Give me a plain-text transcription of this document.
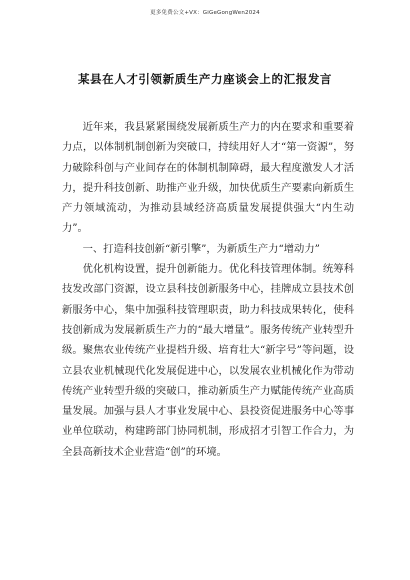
更多免费公文+VX：GiGeGongWen2024
某县在人才引领新质生产力座谈会上的汇报发言

近年来，我县紧紧围绕发展新质生产力的内在要求和重要着力点，以体制机制创新为突破口，持续用好人才“第一资源”，努力破除科创与产业间存在的体制机制障碍，最大程度激发人才活力，提升科技创新、助推产业升级，加快优质生产要素向新质生产力领域流动，为推动县域经济高质量发展提供强大“内生动力”。

一、打造科技创新“新引擎”，为新质生产力“增动力”

优化机构设置，提升创新能力。优化科技管理体制。统筹科技发改部门资源，设立县科技创新服务中心，挂牌成立县技术创新服务中心，集中加强科技管理职责，助力科技成果转化，使科技创新成为发展新质生产力的“最大增量”。服务传统产业转型升级。聚焦农业传统产业提档升级、培育壮大“新字号”等问题，设立县农业机械现代化发展促进中心，以发展农业机械化作为带动传统产业转型升级的突破口，推动新质生产力赋能传统产业高质量发展。加强与县人才事业发展中心、县投资促进服务中心等事业单位联动，构建跨部门协同机制，形成招才引智工作合力，为全县高新技术企业营造“创”的环境。
